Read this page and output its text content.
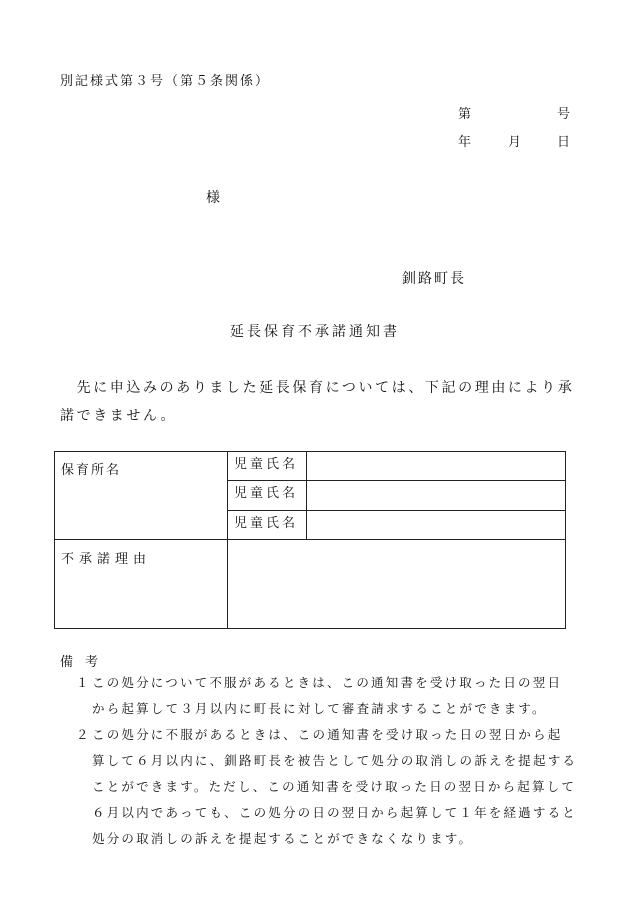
別記様式第３号（第５条関係）
第	号
年	月	日
様
釧路町長
延長保育不承諾通知書

　先に申込みのありました延長保育については、下記の理由により承

諾できません。

保育所名	児童氏名	
	児童氏名	
	児童氏名	
不承諾理由		
備考
１ この処分について不服があるときは、この通知書を受け取った日の翌日

から起算して３月以内に町長に対して審査請求することができます。

２ この処分に不服があるときは、この通知書を受け取った日の翌日から起

算して６月以内に、釧路町長を被告として処分の取消しの訴えを提起する

ことができます。ただし、この通知書を受け取った日の翌日から起算して

６月以内であっても、この処分の日の翌日から起算して１年を経過すると

処分の取消しの訴えを提起することができなくなります。
